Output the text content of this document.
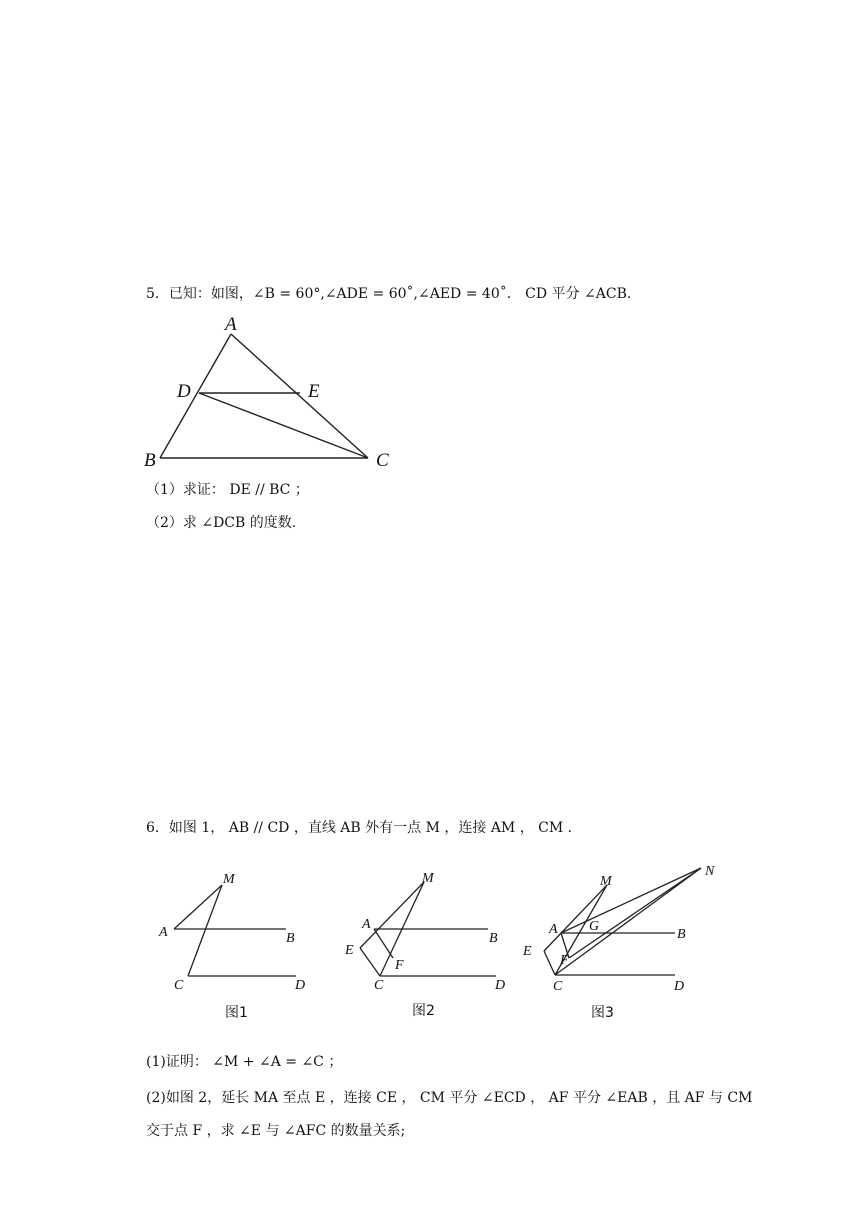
5．已知：如图，∠B = 60°,∠ADE = 60˚,∠AED = 40˚． CD 平分 ∠ACB．
A
D	E
B	C
（1）求证： DE // BC ；
（2）求 ∠DCB 的度数.
6．如图 1， AB // CD ，直线 AB 外有一点 M ，连接 AM ， CM ．
M
A	B
C	D
图1
M
A
B
E
F
C	D
图2
M
N
A G
B
E
F
C	D
图3
(1)证明： ∠M + ∠A = ∠C ；
(2)如图 2，延长 MA 至点 E ，连接 CE ， CM 平分 ∠ECD ， AF 平分 ∠EAB ，且 AF 与 CM
交于点 F ，求 ∠E 与 ∠AFC 的数量关系;
